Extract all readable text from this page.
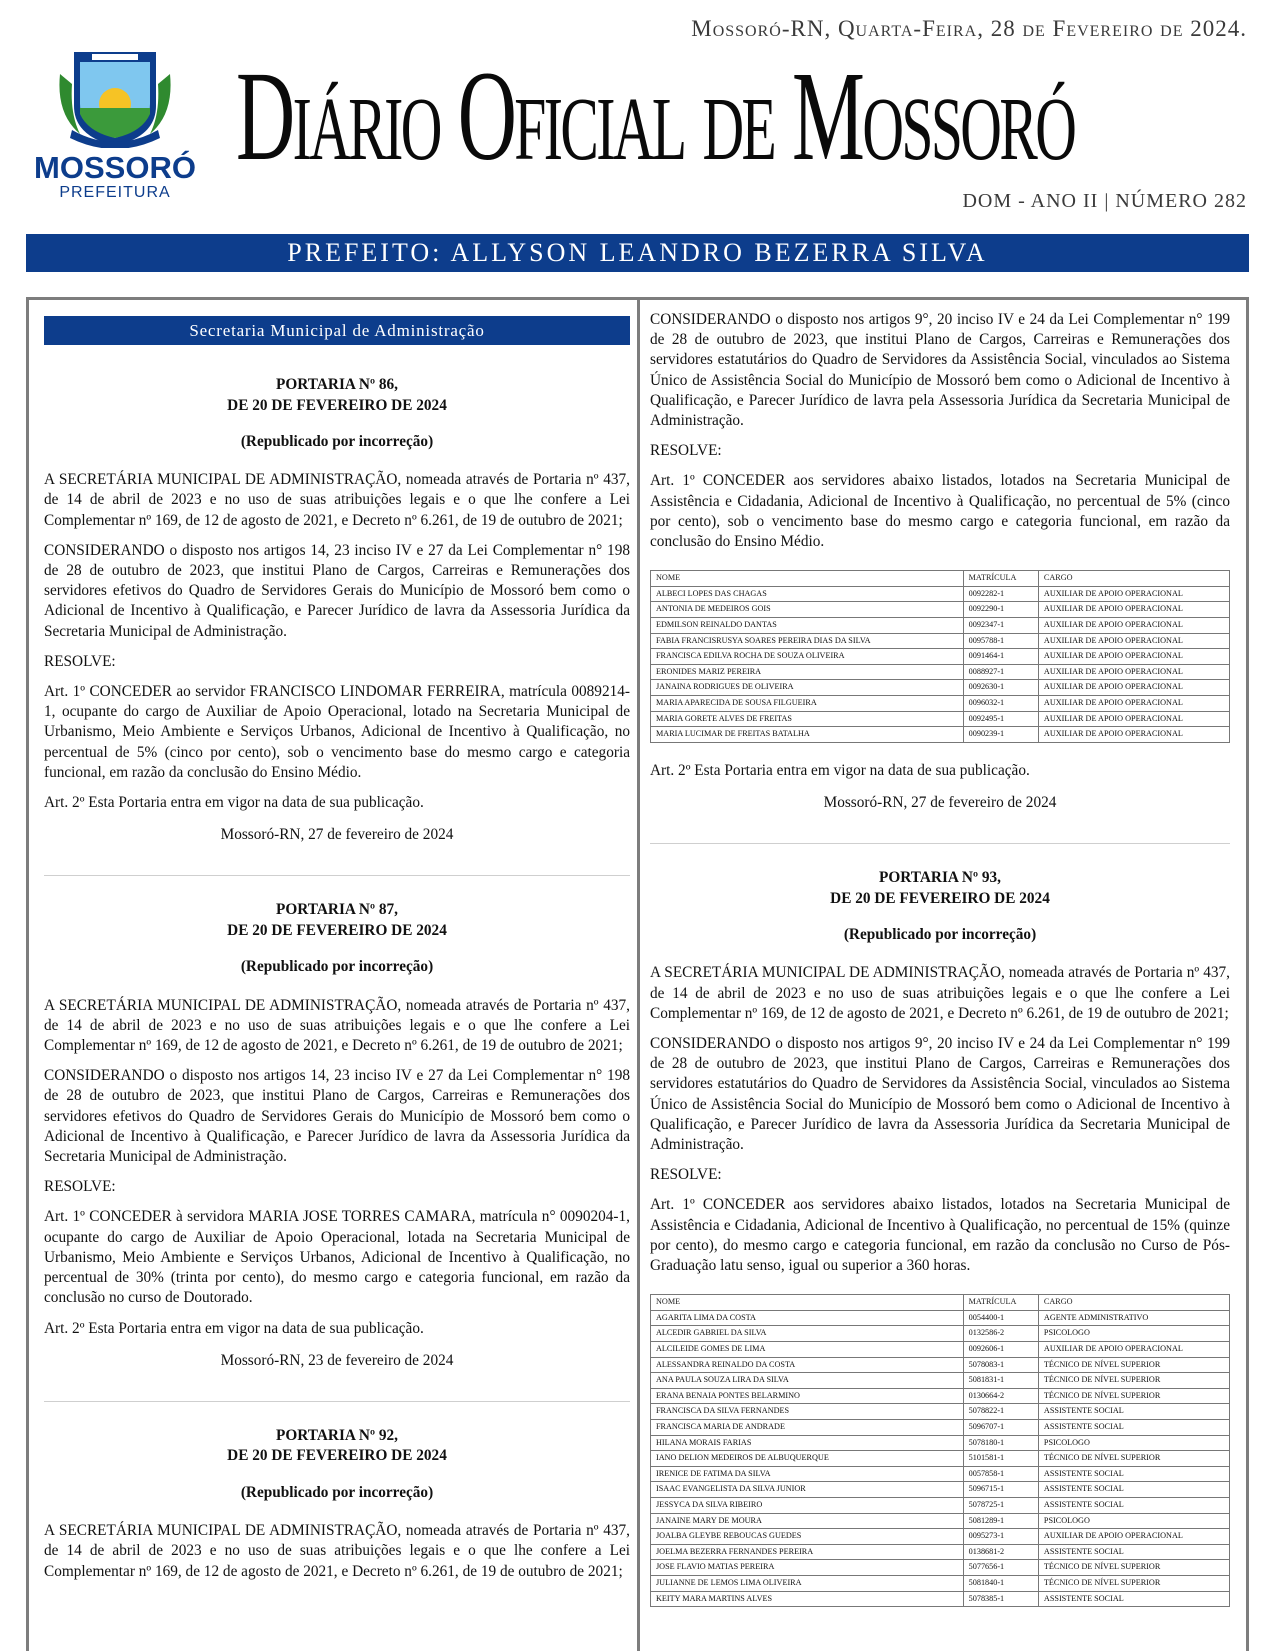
Mossoró-RN, Quarta-Feira, 28 de Fevereiro de 2024.
MOSSORÓ
PREFEITURA
Diário Oficial de Mossoró
DOM - ANO II | NÚMERO 282
PREFEITO: ALLYSON LEANDRO BEZERRA SILVA
Secretaria Municipal de Administração
PORTARIA Nº 86,
DE 20 DE FEVEREIRO DE 2024
(Republicado por incorreção)

A SECRETÁRIA MUNICIPAL DE ADMINISTRAÇÃO, nomeada através de Portaria nº 437, de 14 de abril de 2023 e no uso de suas atribuições legais e o que lhe confere a Lei Complementar nº 169, de 12 de agosto de 2021, e Decreto nº 6.261, de 19 de outubro de 2021;

CONSIDERANDO o disposto nos artigos 14, 23 inciso IV e 27 da Lei Complementar n° 198 de 28 de outubro de 2023, que institui Plano de Cargos, Carreiras e Remunerações dos servidores efetivos do Quadro de Servidores Gerais do Município de Mossoró bem como o Adicional de Incentivo à Qualificação, e Parecer Jurídico de lavra da Assessoria Jurídica da Secretaria Municipal de Administração.

RESOLVE:

Art. 1º CONCEDER ao servidor FRANCISCO LINDOMAR FERREIRA, matrícula 0089214-1, ocupante do cargo de Auxiliar de Apoio Operacional, lotado na Secretaria Municipal de Urbanismo, Meio Ambiente e Serviços Urbanos, Adicional de Incentivo à Qualificação, no percentual de 5% (cinco por cento), sob o vencimento base do mesmo cargo e categoria funcional, em razão da conclusão do Ensino Médio.

Art. 2º Esta Portaria entra em vigor na data de sua publicação.

Mossoró-RN, 27 de fevereiro de 2024

PORTARIA Nº 87,
DE 20 DE FEVEREIRO DE 2024
(Republicado por incorreção)

A SECRETÁRIA MUNICIPAL DE ADMINISTRAÇÃO, nomeada através de Portaria nº 437, de 14 de abril de 2023 e no uso de suas atribuições legais e o que lhe confere a Lei Complementar nº 169, de 12 de agosto de 2021, e Decreto nº 6.261, de 19 de outubro de 2021;

CONSIDERANDO o disposto nos artigos 14, 23 inciso IV e 27 da Lei Complementar n° 198 de 28 de outubro de 2023, que institui Plano de Cargos, Carreiras e Remunerações dos servidores efetivos do Quadro de Servidores Gerais do Município de Mossoró bem como o Adicional de Incentivo à Qualificação, e Parecer Jurídico de lavra da Assessoria Jurídica da Secretaria Municipal de Administração.

RESOLVE:

Art. 1º CONCEDER à servidora MARIA JOSE TORRES CAMARA, matrícula n° 0090204-1, ocupante do cargo de Auxiliar de Apoio Operacional, lotada na Secretaria Municipal de Urbanismo, Meio Ambiente e Serviços Urbanos, Adicional de Incentivo à Qualificação, no percentual de 30% (trinta por cento), do mesmo cargo e categoria funcional, em razão da conclusão no curso de Doutorado.

Art. 2º Esta Portaria entra em vigor na data de sua publicação.

Mossoró-RN, 23 de fevereiro de 2024

PORTARIA Nº 92,
DE 20 DE FEVEREIRO DE 2024
(Republicado por incorreção)

A SECRETÁRIA MUNICIPAL DE ADMINISTRAÇÃO, nomeada através de Portaria nº 437, de 14 de abril de 2023 e no uso de suas atribuições legais e o que lhe confere a Lei Complementar nº 169, de 12 de agosto de 2021, e Decreto nº 6.261, de 19 de outubro de 2021;

CONSIDERANDO o disposto nos artigos 9°, 20 inciso IV e 24 da Lei Complementar n° 199 de 28 de outubro de 2023, que institui Plano de Cargos, Carreiras e Remunerações dos servidores estatutários do Quadro de Servidores da Assistência Social, vinculados ao Sistema Único de Assistência Social do Município de Mossoró bem como o Adicional de Incentivo à Qualificação, e Parecer Jurídico de lavra pela Assessoria Jurídica da Secretaria Municipal de Administração.

RESOLVE:

Art. 1º CONCEDER aos servidores abaixo listados, lotados na Secretaria Municipal de Assistência e Cidadania, Adicional de Incentivo à Qualificação, no percentual de 5% (cinco por cento), sob o vencimento base do mesmo cargo e categoria funcional, em razão da conclusão do Ensino Médio.

NOME	MATRÍCULA	CARGO
ALBECI LOPES DAS CHAGAS	0092282-1	AUXILIAR DE APOIO OPERACIONAL
ANTONIA DE MEDEIROS GOIS	0092290-1	AUXILIAR DE APOIO OPERACIONAL
EDMILSON REINALDO DANTAS	0092347-1	AUXILIAR DE APOIO OPERACIONAL
FABIA FRANCISRUSYA SOARES PEREIRA DIAS DA SILVA	0095788-1	AUXILIAR DE APOIO OPERACIONAL
FRANCISCA EDILVA ROCHA DE SOUZA OLIVEIRA	0091464-1	AUXILIAR DE APOIO OPERACIONAL
ERONIDES MARIZ PEREIRA	0088927-1	AUXILIAR DE APOIO OPERACIONAL
JANAINA RODRIGUES DE OLIVEIRA	0092630-1	AUXILIAR DE APOIO OPERACIONAL
MARIA APARECIDA DE SOUSA FILGUEIRA	0096032-1	AUXILIAR DE APOIO OPERACIONAL
MARIA GORETE ALVES DE FREITAS	0092495-1	AUXILIAR DE APOIO OPERACIONAL
MARIA LUCIMAR DE FREITAS BATALHA	0090239-1	AUXILIAR DE APOIO OPERACIONAL

Art. 2º Esta Portaria entra em vigor na data de sua publicação.

Mossoró-RN, 27 de fevereiro de 2024

PORTARIA Nº 93,
DE 20 DE FEVEREIRO DE 2024
(Republicado por incorreção)

A SECRETÁRIA MUNICIPAL DE ADMINISTRAÇÃO, nomeada através de Portaria nº 437, de 14 de abril de 2023 e no uso de suas atribuições legais e o que lhe confere a Lei Complementar nº 169, de 12 de agosto de 2021, e Decreto nº 6.261, de 19 de outubro de 2021;

CONSIDERANDO o disposto nos artigos 9°, 20 inciso IV e 24 da Lei Complementar n° 199 de 28 de outubro de 2023, que institui Plano de Cargos, Carreiras e Remunerações dos servidores estatutários do Quadro de Servidores da Assistência Social, vinculados ao Sistema Único de Assistência Social do Município de Mossoró bem como o Adicional de Incentivo à Qualificação, e Parecer Jurídico de lavra da Assessoria Jurídica da Secretaria Municipal de Administração.

RESOLVE:

Art. 1º CONCEDER aos servidores abaixo listados, lotados na Secretaria Municipal de Assistência e Cidadania, Adicional de Incentivo à Qualificação, no percentual de 15% (quinze por cento), do mesmo cargo e categoria funcional, em razão da conclusão no Curso de Pós-Graduação latu senso, igual ou superior a 360 horas.

NOME	MATRÍCULA	CARGO
AGARITA LIMA DA COSTA	0054400-1	AGENTE ADMINISTRATIVO
ALCEDIR GABRIEL DA SILVA	0132586-2	PSICOLOGO
ALCILEIDE GOMES DE LIMA	0092606-1	AUXILIAR DE APOIO OPERACIONAL
ALESSANDRA REINALDO DA COSTA	5078083-1	TÉCNICO DE NÍVEL SUPERIOR
ANA PAULA SOUZA LIRA DA SILVA	5081831-1	TÉCNICO DE NÍVEL SUPERIOR
ERANA BENAIA PONTES BELARMINO	0130664-2	TÉCNICO DE NÍVEL SUPERIOR
FRANCISCA DA SILVA FERNANDES	5078822-1	ASSISTENTE SOCIAL
FRANCISCA MARIA DE ANDRADE	5096707-1	ASSISTENTE SOCIAL
HILANA MORAIS FARIAS	5078180-1	PSICOLOGO
IANO DELION MEDEIROS DE ALBUQUERQUE	5101581-1	TÉCNICO DE NÍVEL SUPERIOR
IRENICE DE FATIMA DA SILVA	0057858-1	ASSISTENTE SOCIAL
ISAAC EVANGELISTA DA SILVA JUNIOR	5096715-1	ASSISTENTE SOCIAL
JESSYCA DA SILVA RIBEIRO	5078725-1	ASSISTENTE SOCIAL
JANAINE MARY DE MOURA	5081289-1	PSICOLOGO
JOALBA GLEYBE REBOUCAS GUEDES	0095273-1	AUXILIAR DE APOIO OPERACIONAL
JOELMA BEZERRA FERNANDES PEREIRA	0138681-2	ASSISTENTE SOCIAL
JOSE FLAVIO MATIAS PEREIRA	5077656-1	TÉCNICO DE NÍVEL SUPERIOR
JULIANNE DE LEMOS LIMA OLIVEIRA	5081840-1	TÉCNICO DE NÍVEL SUPERIOR
KEITY MARA MARTINS ALVES	5078385-1	ASSISTENTE SOCIAL
